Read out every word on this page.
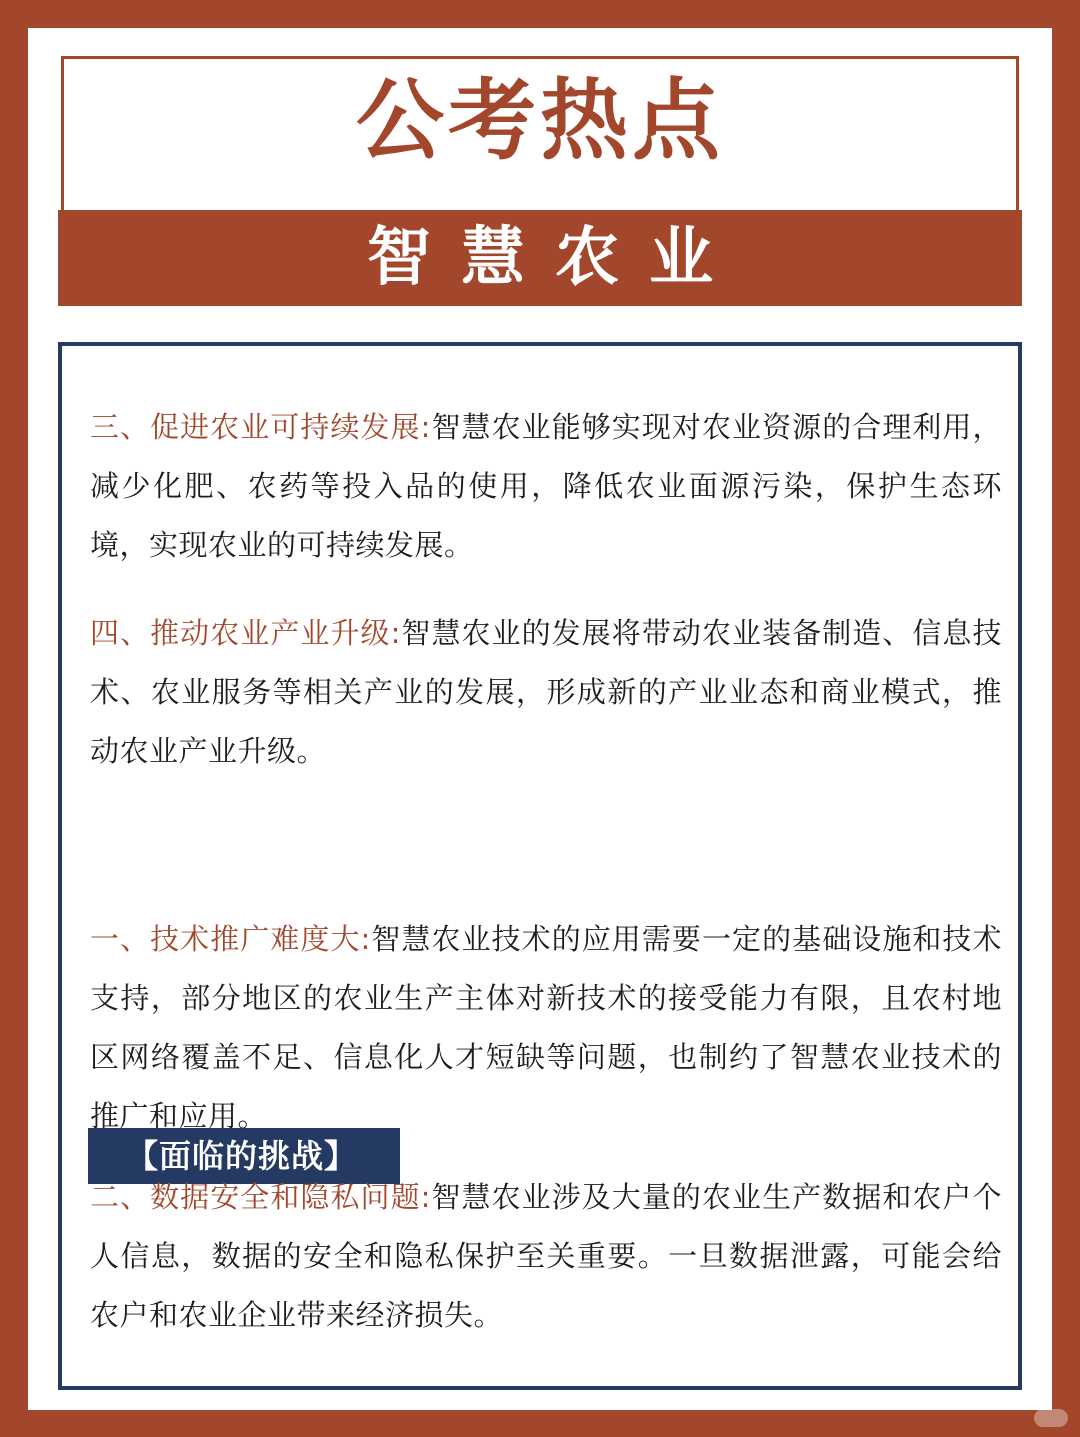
公考热点
智慧农业
三、促进农业可持续发展:智慧农业能够实现对农业资源的合理利用，减少化肥、农药等投入品的使用，降低农业面源污染，保护生态环境，实现农业的可持续发展。
四、推动农业产业升级:智慧农业的发展将带动农业装备制造、信息技术、农业服务等相关产业的发展，形成新的产业业态和商业模式，推动农业产业升级。
【面临的挑战】
一、技术推广难度大:智慧农业技术的应用需要一定的基础设施和技术支持，部分地区的农业生产主体对新技术的接受能力有限，且农村地区网络覆盖不足、信息化人才短缺等问题，也制约了智慧农业技术的推广和应用。
二、数据安全和隐私问题:智慧农业涉及大量的农业生产数据和农户个人信息，数据的安全和隐私保护至关重要。一旦数据泄露，可能会给农户和农业企业带来经济损失。
